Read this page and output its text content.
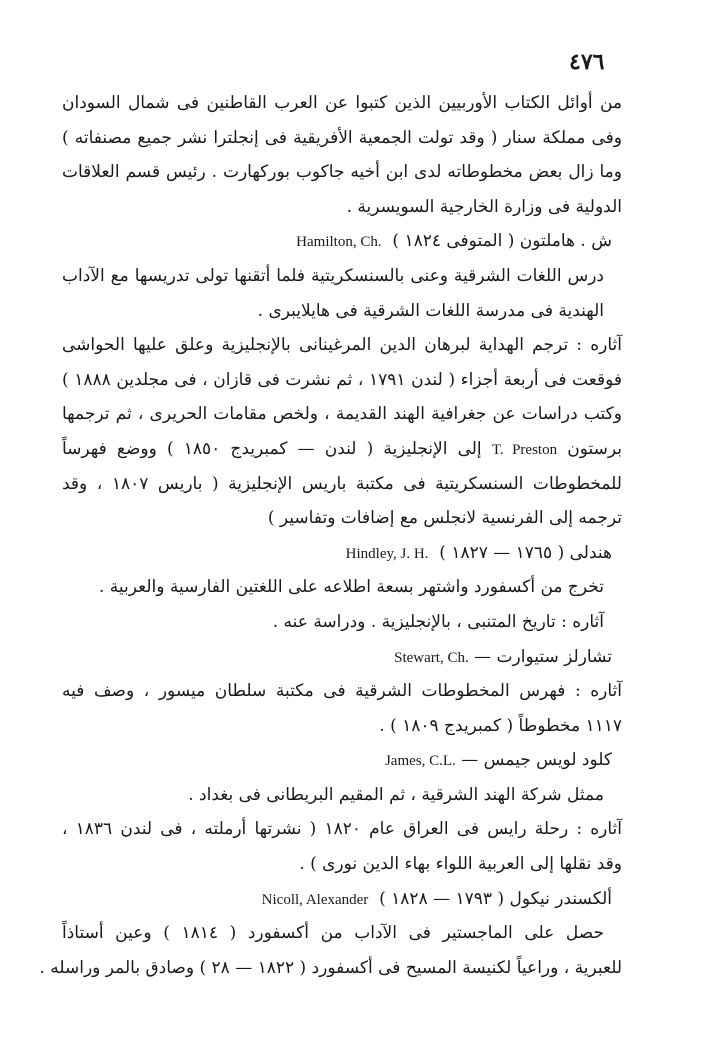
٤٧٦
من أوائل الكتاب الأوربيين الذين كتبوا عن العرب القاطنين فى شمال السودان
وفى مملكة سنار ( وقد تولت الجمعية الأفريقية فى إنجلترا نشر جميع مصنفاته )
وما زال بعض مخطوطاته لدى ابن أخيه جاكوب بوركهارت . رئيس قسم العلاقات
الدولية فى وزارة الخارجية السويسرية .
ش . هاملتون ( المتوفى ١٨٢٤ )  Hamilton, Ch.
درس اللغات الشرقية وعنى بالسنسكريتية فلما أتقنها تولى تدريسها مع الآداب
الهندية فى مدرسة اللغات الشرقية فى هايلايبرى .
آثاره : ترجم الهداية لبرهان الدين المرغينانى بالإنجليزية وعلق عليها الحواشى
فوقعت فى أربعة أجزاء ( لندن ١٧٩١ ، ثم نشرت فى قازان ، فى مجلدين ١٨٨٨ )
وكتب دراسات عن جغرافية الهند القديمة ، ولخص مقامات الحريرى ، ثم ترجمها
برستون T. Preston إلى الإنجليزية ( لندن — كمبريدج ١٨٥٠ ) ووضع فهرساً
للمخطوطات السنسكريتية فى مكتبة باريس الإنجليزية ( باريس ١٨٠٧ ، وقد
ترجمه إلى الفرنسية لانجلس مع إضافات وتفاسير )
هندلى ( ١٧٦٥ — ١٨٢٧ )  Hindley, J. H.
تخرج من أكسفورد واشتهر بسعة اطلاعه على اللغتين الفارسية والعربية .
آثاره : تاريخ المتنبى ، بالإنجليزية . ودراسة عنه .
تشارلز ستيوارت — Stewart, Ch.
آثاره : فهرس المخطوطات الشرقية فى مكتبة سلطان ميسور ، وصف فيه
١١١٧ مخطوطاً ( كمبريدج ١٨٠٩ ) .
كلود لويس جيمس — James, C.L.
ممثل شركة الهند الشرقية ، ثم المقيم البريطانى فى بغداد .
آثاره : رحلة رايس فى العراق عام ١٨٢٠ ( نشرتها أرملته ، فى لندن ١٨٣٦ ،
وقد نقلها إلى العربية اللواء بهاء الدين نورى ) .
ألكسندر نيكول ( ١٧٩٣ — ١٨٢٨ )  Nicoll, Alexander
حصل على الماجستير فى الآداب من أكسفورد ( ١٨١٤ ) وعين أستاذاً
للعبرية ، وراعياً لكنيسة المسيح فى أكسفورد ( ١٨٢٢ — ٢٨ ) وصادق بالمر وراسله .
